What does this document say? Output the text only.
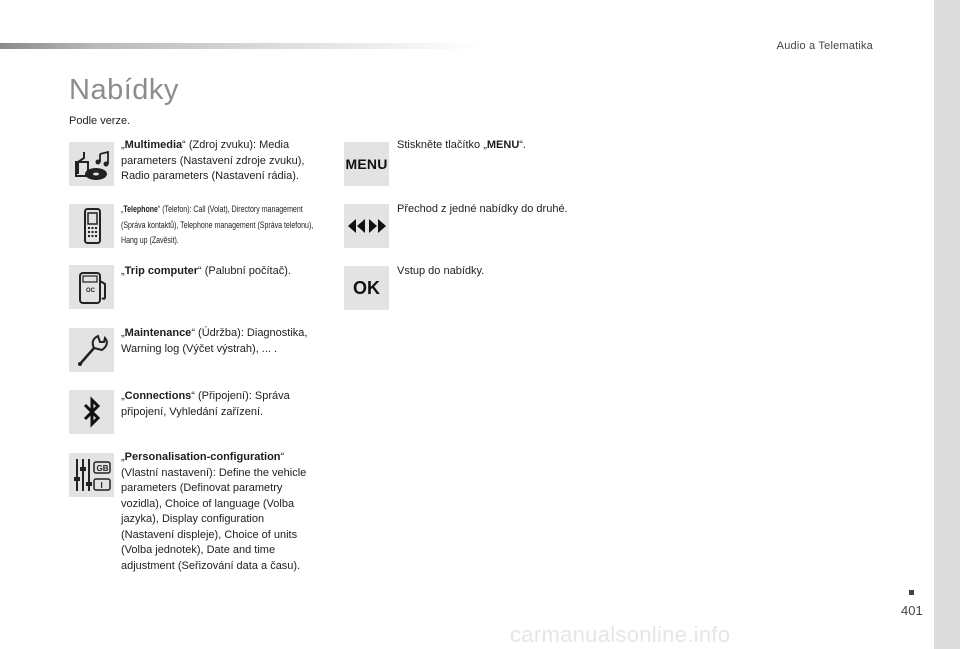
Audio a Telematika
Nabídky

Podle verze.

„Multimedia“ (Zdroj zvuku): Media parameters (Nastavení zdroje zvuku), Radio parameters (Nastavení rádia).
„Telephone“ (Telefon): Call (Volat), Directory management (Správa kontaktů), Telephone management (Správa telefonu), Hang up (Zavěsit).
OC
„Trip computer“ (Palubní počítač).
„Maintenance“ (Údržba): Diagnostika, Warning log (Výčet výstrah), ... .
„Connections“ (Připojení): Správa připojení, Vyhledání zařízení.
GB
I
„Personalisation-configuration“ (Vlastní nastavení): Define the vehicle parameters (Definovat parametry vozidla), Choice of language (Volba jazyka), Display configuration (Nastavení displeje), Choice of units (Volba jednotek), Date and time adjustment (Seřizování data a času).
MENU
Stiskněte tlačítko „MENU“.
Přechod z jedné nabídky do druhé.
OK
Vstup do nabídky.
401
carmanualsonline.info
